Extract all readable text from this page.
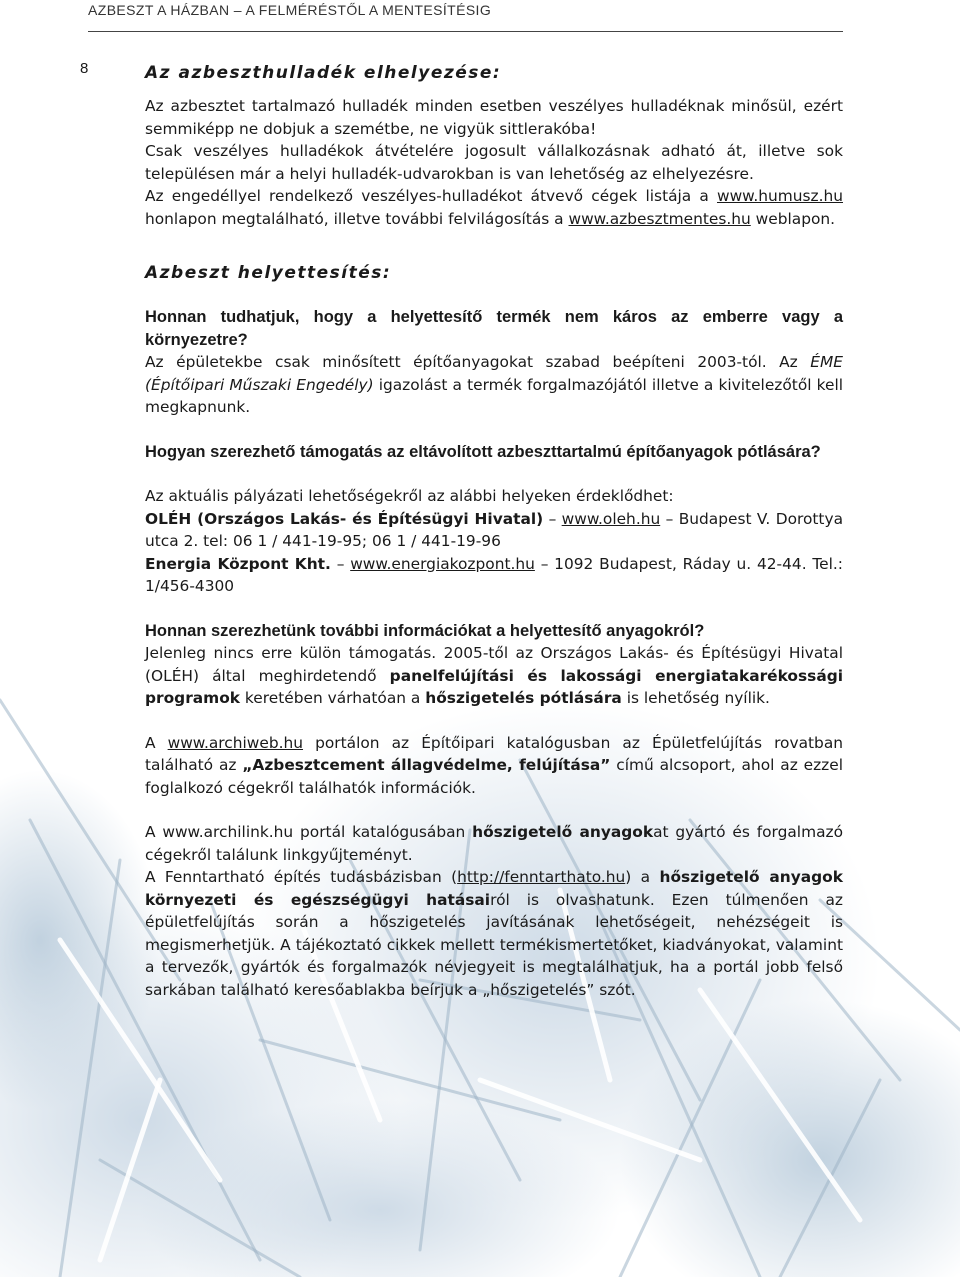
AZBESZT A HÁZBAN – A FELMÉRÉSTŐL A MENTESÍTÉSIG
8	Az azbeszthulladék elhelyezése:

Az azbesztet tartalmazó hulladék minden esetben veszélyes hulladéknak minősül, ezért semmiképp ne dobjuk a szemétbe, ne vigyük sittlerakóba!

Csak veszélyes hulladékok átvételére jogosult vállalkozásnak adható át, illetve sok településen már a helyi hulladék-udvarokban is van lehetőség az elhelyezésre.

Az engedéllyel rendelkező veszélyes-hulladékot átvevő cégek listája a www.humusz.hu honlapon megtalálható, illetve további felvilágosítás a www.azbesztmentes.hu weblapon.

Azbeszt helyettesítés:

Honnan tudhatjuk, hogy a helyettesítő termék nem káros az emberre vagy a környezetre?

Az épületekbe csak minősített építőanyagokat szabad beépíteni 2003-tól. Az ÉME (Építőipari Műszaki Engedély) igazolást a termék forgalmazójától illetve a kivitelezőtől kell megkapnunk.

Hogyan szerezhető támogatás az eltávolított azbeszttartalmú építőanyagok pótlására?

Az aktuális pályázati lehetőségekről az alábbi helyeken érdeklődhet:

OLÉH (Országos Lakás- és Építésügyi Hivatal) – www.oleh.hu – Budapest V. Dorottya utca 2. tel: 06 1 / 441-19-95; 06 1 / 441-19-96

Energia Központ Kht. – www.energiakozpont.hu – 1092 Budapest, Ráday u. 42-44. Tel.: 1/456-4300

Honnan szerezhetünk további információkat a helyettesítő anyagokról?

Jelenleg nincs erre külön támogatás. 2005-től az Országos Lakás- és Építésügyi Hivatal (OLÉH) által meghirdetendő panelfelújítási és lakossági energiatakarékossági programok keretében várhatóan a hőszigetelés pótlására is lehetőség nyílik.

A www.archiweb.hu portálon az Építőipari katalógusban az Épületfelújítás rovatban található az „Azbesztcement állagvédelme, felújítása” című alcsoport, ahol az ezzel foglalkozó cégekről találhatók információk.

A www.archilink.hu portál katalógusában hőszigetelő anyagokat gyártó és forgalmazó cégekről találunk linkgyűjteményt.

A Fenntartható építés tudásbázisban (http://fenntarthato.hu) a hőszigetelő anyagok környezeti és egészségügyi hatásairól is olvashatunk. Ezen túlmenően az épületfelújítás során a hőszigetelés javításának lehetőségeit, nehézségeit is megismerhetjük. A tájékoztató cikkek mellett termékismertetőket, kiadványokat, valamint a tervezők, gyártók és forgalmazók névjegyeit is megtalálhatjuk, ha a portál jobb felső sarkában található keresőablakba beírjuk a „hőszigetelés” szót.
